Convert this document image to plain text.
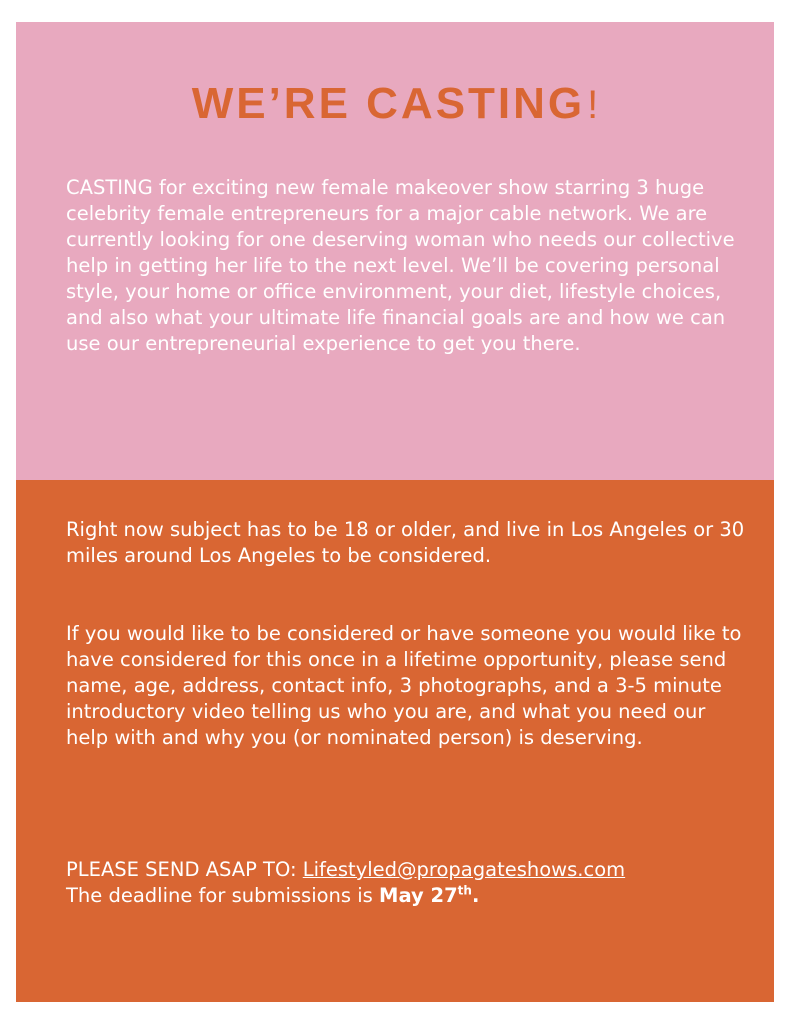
WE’RE CASTING!

CASTING for exciting new female makeover show starring 3 huge celebrity female entrepreneurs for a major cable network. We are currently looking for one deserving woman who needs our collective help in getting her life to the next level. We’ll be covering personal style, your home or office environment, your diet, lifestyle choices, and also what your ultimate life financial goals are and how we can use our entrepreneurial experience to get you there.

Right now subject has to be 18 or older, and live in Los Angeles or 30 miles around Los Angeles to be considered.

If you would like to be considered or have someone you would like to have considered for this once in a lifetime opportunity, please send name, age, address, contact info, 3 photographs, and a 3-5 minute introductory video telling us who you are, and what you need our help with and why you (or nominated person) is deserving.

PLEASE SEND ASAP TO: Lifestyled@propagateshows.com

The deadline for submissions is May 27th.
